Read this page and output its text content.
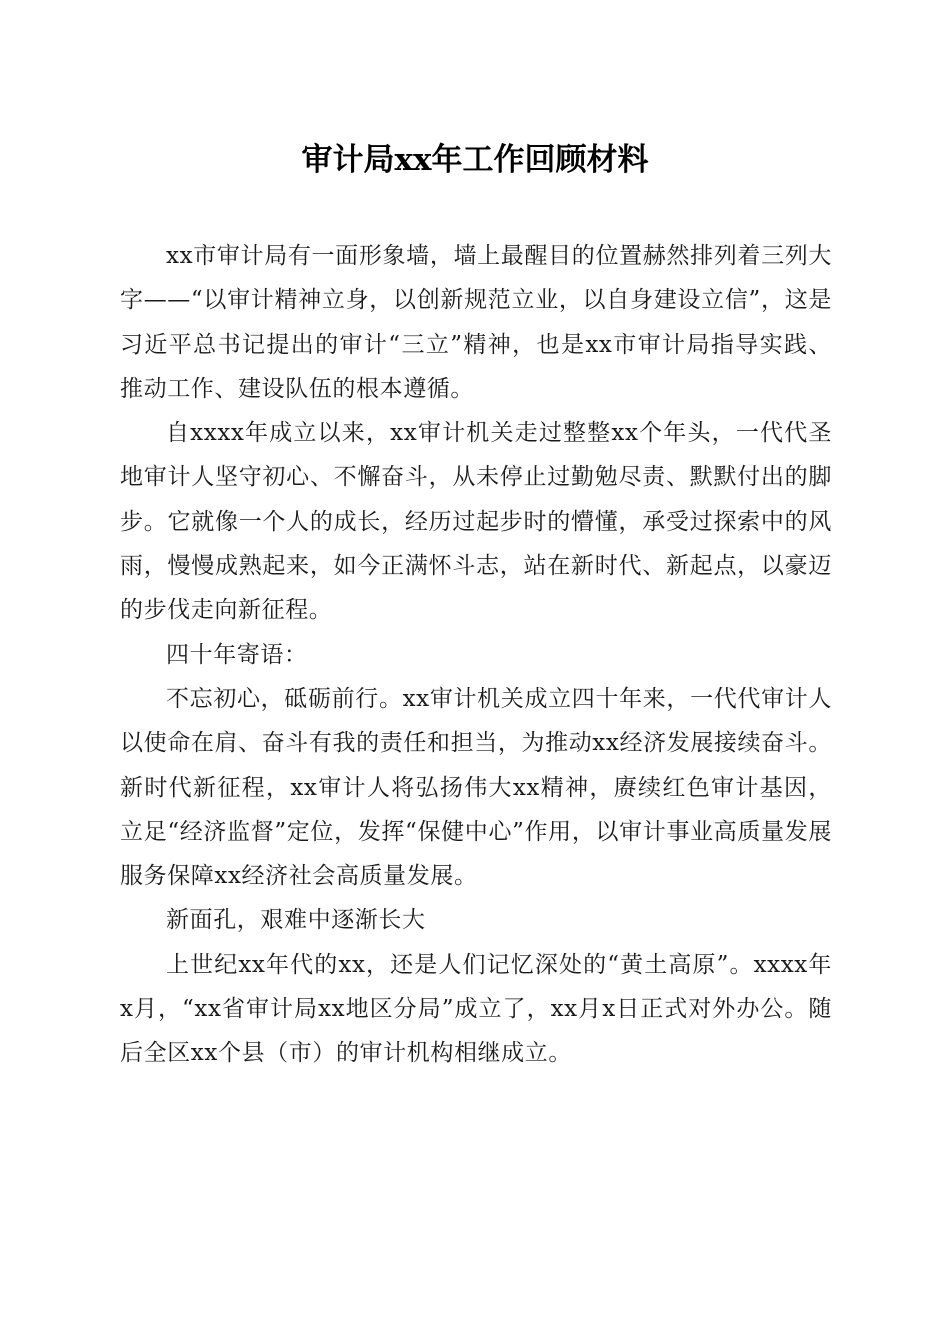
审计局xx年工作回顾材料

xx市审计局有一面形象墙，墙上最醒目的位置赫然排列着三列大字——“以审计精神立身，以创新规范立业，以自身建设立信”，这是习近平总书记提出的审计“三立”精神，也是xx市审计局指导实践、推动工作、建设队伍的根本遵循。

自xxxx年成立以来，xx审计机关走过整整xx个年头，一代代圣地审计人坚守初心、不懈奋斗，从未停止过勤勉尽责、默默付出的脚步。它就像一个人的成长，经历过起步时的懵懂，承受过探索中的风雨，慢慢成熟起来，如今正满怀斗志，站在新时代、新起点，以豪迈的步伐走向新征程。

四十年寄语：

不忘初心，砥砺前行。xx审计机关成立四十年来，一代代审计人以使命在肩、奋斗有我的责任和担当，为推动xx经济发展接续奋斗。新时代新征程，xx审计人将弘扬伟大xx精神，赓续红色审计基因，立足“经济监督”定位，发挥“保健中心”作用，以审计事业高质量发展服务保障xx经济社会高质量发展。

新面孔，艰难中逐渐长大

上世纪xx年代的xx，还是人们记忆深处的“黄土高原”。xxxx年x月，“xx省审计局xx地区分局”成立了，xx月x日正式对外办公。随后全区xx个县（市）的审计机构相继成立。
